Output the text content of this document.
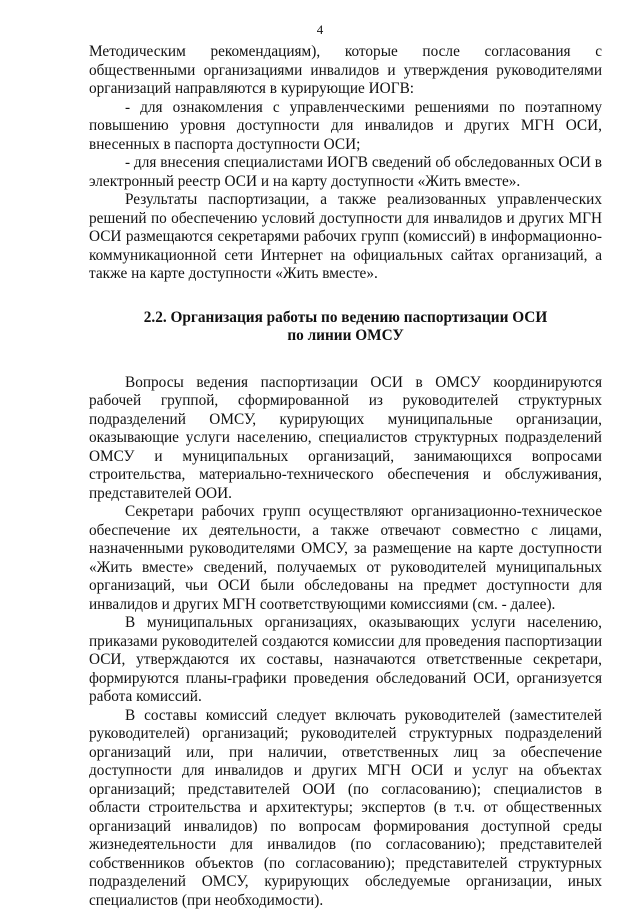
4

Методическим рекомендациям), которые после согласования с общественными организациями инвалидов и утверждения руководителями организаций направляются в курирующие ИОГВ:

- для ознакомления с управленческими решениями по поэтапному повышению уровня доступности для инвалидов и других МГН ОСИ, внесенных в паспорта доступности ОСИ;

- для внесения специалистами ИОГВ сведений об обследованных ОСИ в электронный реестр ОСИ и на карту доступности «Жить вместе».

Результаты паспортизации, а также реализованных управленческих решений по обеспечению условий доступности для инвалидов и других МГН ОСИ размещаются секретарями рабочих групп (комиссий) в информационно-коммуникационной сети Интернет на официальных сайтах организаций, а также на карте доступности «Жить вместе».

2.2. Организация работы по ведению паспортизации ОСИ
по линии ОМСУ

Вопросы ведения паспортизации ОСИ в ОМСУ координируются рабочей группой, сформированной из руководителей структурных подразделений ОМСУ, курирующих муниципальные организации, оказывающие услуги населению, специалистов структурных подразделений ОМСУ и муниципальных организаций, занимающихся вопросами строительства, материально-технического обеспечения и обслуживания, представителей ООИ.

Секретари рабочих групп осуществляют организационно-техническое обеспечение их деятельности, а также отвечают совместно с лицами, назначенными руководителями ОМСУ, за размещение на карте доступности «Жить вместе» сведений, получаемых от руководителей муниципальных организаций, чьи ОСИ были обследованы на предмет доступности для инвалидов и других МГН соответствующими комиссиями (см. - далее).

В муниципальных организациях, оказывающих услуги населению, приказами руководителей создаются комиссии для проведения паспортизации ОСИ, утверждаются их составы, назначаются ответственные секретари, формируются планы-графики проведения обследований ОСИ, организуется работа комиссий.

В составы комиссий следует включать руководителей (заместителей руководителей) организаций; руководителей структурных подразделений организаций или, при наличии, ответственных лиц за обеспечение доступности для инвалидов и других МГН ОСИ и услуг на объектах организаций; представителей ООИ (по согласованию); специалистов в области строительства и архитектуры; экспертов (в т.ч. от общественных организаций инвалидов) по вопросам формирования доступной среды жизнедеятельности для инвалидов (по согласованию); представителей собственников объектов (по согласованию); представителей структурных подразделений ОМСУ, курирующих обследуемые организации, иных специалистов (при необходимости).
